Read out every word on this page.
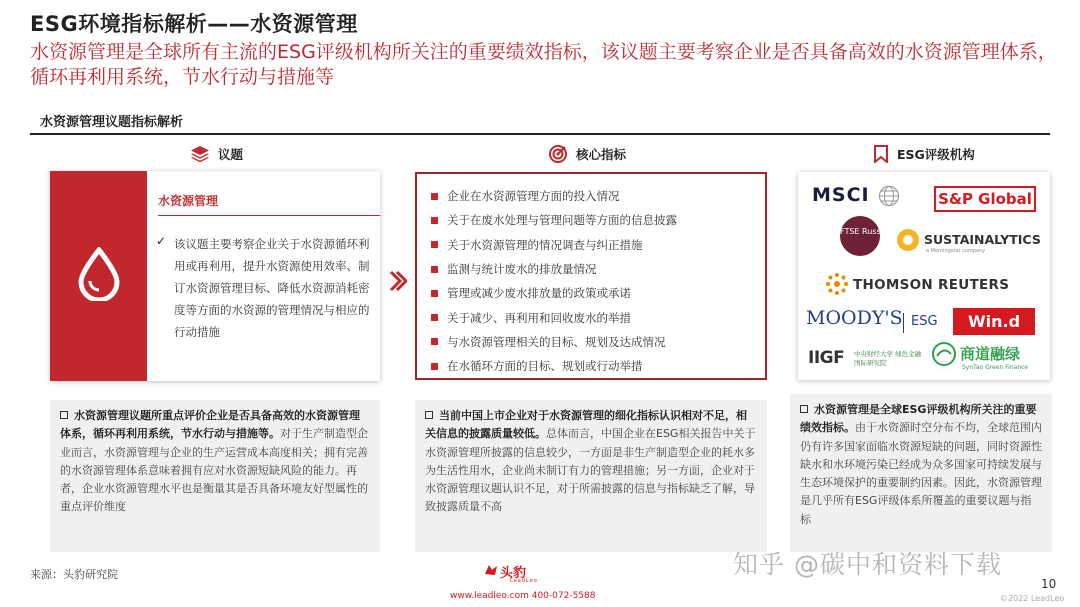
ESG环境指标解析——水资源管理
水资源管理是全球所有主流的ESG评级机构所关注的重要绩效指标，该议题主要考察企业是否具备高效的水资源管理体系，循环再利用系统，节水行动与措施等
水资源管理议题指标解析
议题	核心指标	ESG评级机构
水资源管理
✓ 该议题主要考察企业关于水资源循环利用或再利用，提升水资源使用效率、制订水资源管理目标、降低水资源消耗密度等方面的水资源的管理情况与相应的行动措施
企业在水资源管理方面的投入情况
关于在废水处理与管理问题等方面的信息披露
关于水资源管理的情况调查与纠正措施
监测与统计废水的排放量情况
管理或减少废水排放量的政策或承诺
关于减少、再利用和回收废水的举措
与水资源管理相关的目标、规划及达成情况
在水循环方面的目标、规划或行动举措
MSCI	S&P Global
FTSE Russell
SUSTAINALYTICS
a Morningstar company
THOMSON REUTERS
MOODY'S ESG	Win.d
IIGF 中央财经大学 绿色金融国际研究院	商道融绿
SynTao Green Finance
水资源管理议题所重点评价企业是否具备高效的水资源管理体系，循环再利用系统，节水行动与措施等。对于生产制造型企业而言，水资源管理与企业的生产运营成本高度相关；拥有完善的水资源管理体系意味着拥有应对水资源短缺风险的能力。再者，企业水资源管理水平也是衡量其是否具备环境友好型属性的重点评价维度
当前中国上市企业对于水资源管理的细化指标认识相对不足，相关信息的披露质量较低。总体而言，中国企业在ESG相关报告中关于水资源管理所披露的信息较少，一方面是非生产制造型企业的耗水多为生活性用水，企业尚未制订有力的管理措施；另一方面，企业对于水资源管理议题认识不足，对于所需披露的信息与指标缺乏了解，导致披露质量不高
水资源管理是全球ESG评级机构所关注的重要绩效指标。由于水资源时空分布不均，全球范围内仍有许多国家面临水资源短缺的问题，同时资源性缺水和水环境污染已经成为众多国家可持续发展与生态环境保护的重要制约因素。因此，水资源管理是几乎所有ESG评级体系所覆盖的重要议题与指标
来源：头豹研究院	头豹
LeadLeo
www.leadleo.com 400-072-5588
知乎 @碳中和资料下载
10
©2022 LeadLeo
